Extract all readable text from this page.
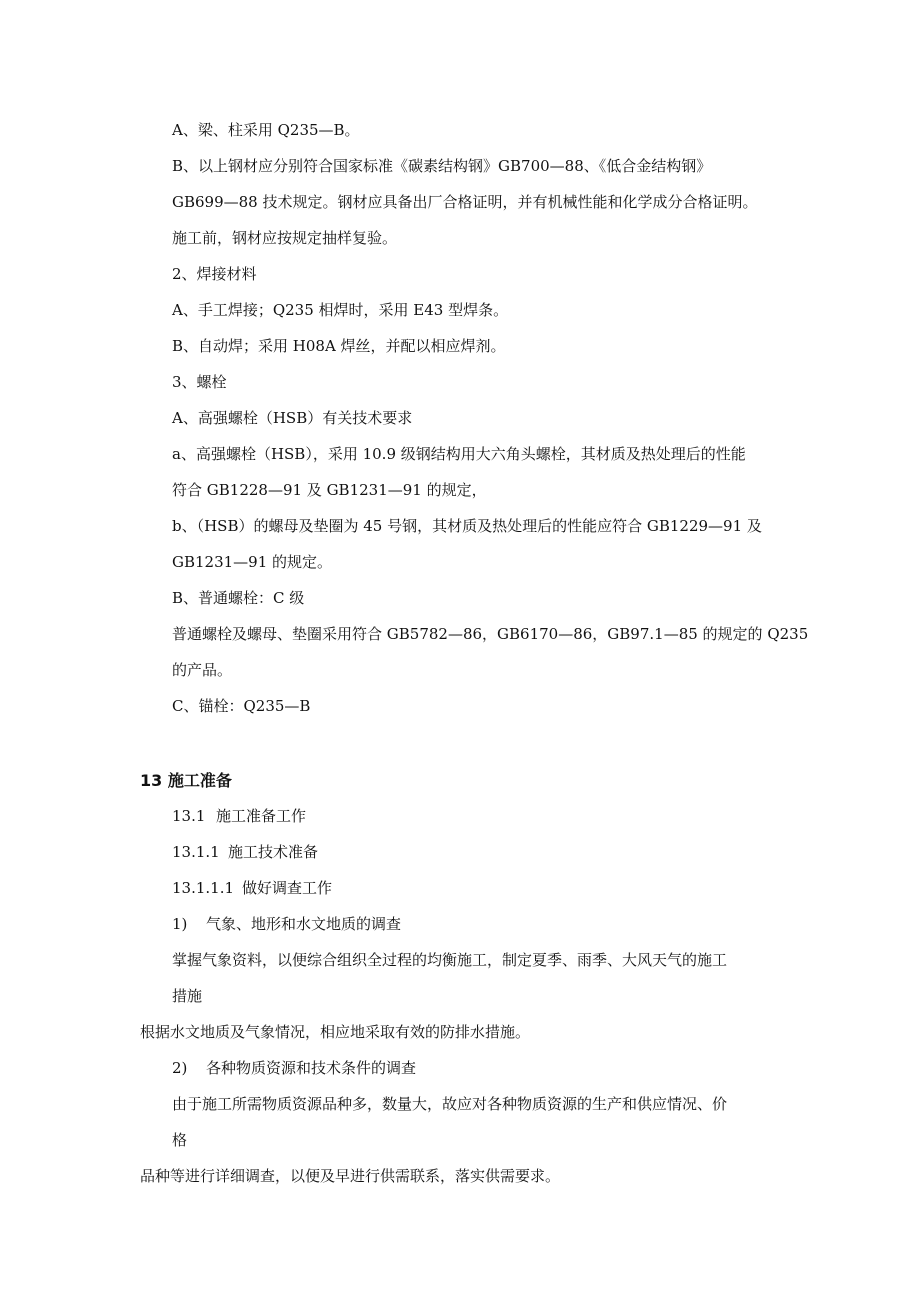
A、梁、柱采用 Q235—B。
B、以上钢材应分别符合国家标准《碳素结构钢》GB700—88、《低合金结构钢》
GB699—88 技术规定。钢材应具备出厂合格证明，并有机械性能和化学成分合格证明。
施工前，钢材应按规定抽样复验。
2、焊接材料
A、手工焊接；Q235 相焊时，采用 E43 型焊条。
B、自动焊；采用 H08A 焊丝，并配以相应焊剂。
3、螺栓
A、高强螺栓（HSB）有关技术要求
a、高强螺栓（HSB），采用 10.9 级钢结构用大六角头螺栓，其材质及热处理后的性能
符合 GB1228—91 及 GB1231—91 的规定，
b、（HSB）的螺母及垫圈为 45 号钢，其材质及热处理后的性能应符合 GB1229—91 及
GB1231—91 的规定。
B、普通螺栓：C 级
普通螺栓及螺母、垫圈采用符合 GB5782—86，GB6170—86，GB97.1—85 的规定的 Q235
的产品。
C、锚栓：Q235—B
13 施工准备
13.1 施工准备工作
13.1.1 施工技术准备
13.1.1.1 做好调查工作
1) 气象、地形和水文地质的调查
掌握气象资料，以便综合组织全过程的均衡施工，制定夏季、雨季、大风天气的施工
措施
根据水文地质及气象情况，相应地采取有效的防排水措施。
2) 各种物质资源和技术条件的调查
由于施工所需物质资源品种多，数量大，故应对各种物质资源的生产和供应情况、价
格
品种等进行详细调查，以便及早进行供需联系，落实供需要求。
